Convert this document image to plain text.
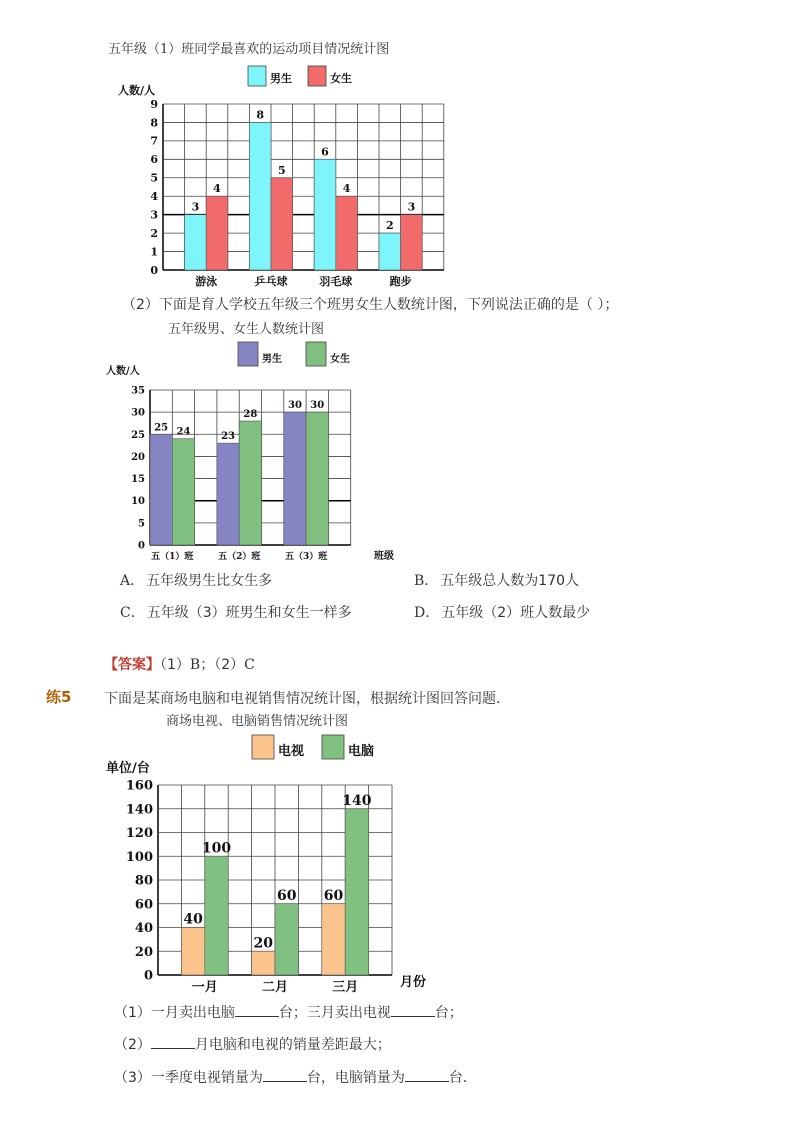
五年级（1）班同学最喜欢的运动项目情况统计图
0
1
2
3
4
5
6
7
8
9
人数/人
男生	女生
3
4
游泳
8
5
乒乓球
6
4
羽毛球
2
3
跑步
（2）下面是育人学校五年级三个班男女生人数统计图，下列说法正确的是（ ）；
五年级男、女生人数统计图
0
5
10
15
20
25
30
35
人数/人
班级
男生	女生
25 24
五（1）班
23
28
五（2）班
30 30
五（3）班
A． 五年级男生比女生多	B． 五年级总人数为170人
C． 五年级（3）班男生和女生一样多	D． 五年级（2）班人数最少
【答案】（1）B；（2）C
练5 下面是某商场电脑和电视销售情况统计图，根据统计图回答问题．
商场电视、电脑销售情况统计图
0
20
40
60
80
100
120
140
160
单位/台
月份
电视	电脑
40
100
一月
20
60
二月
60
140
三月
（1）一月卖出电脑	台；三月卖出电视	台；
（2）	月电脑和电视的销量差距最大；
（3）一季度电视销量为	台，电脑销量为	台．
